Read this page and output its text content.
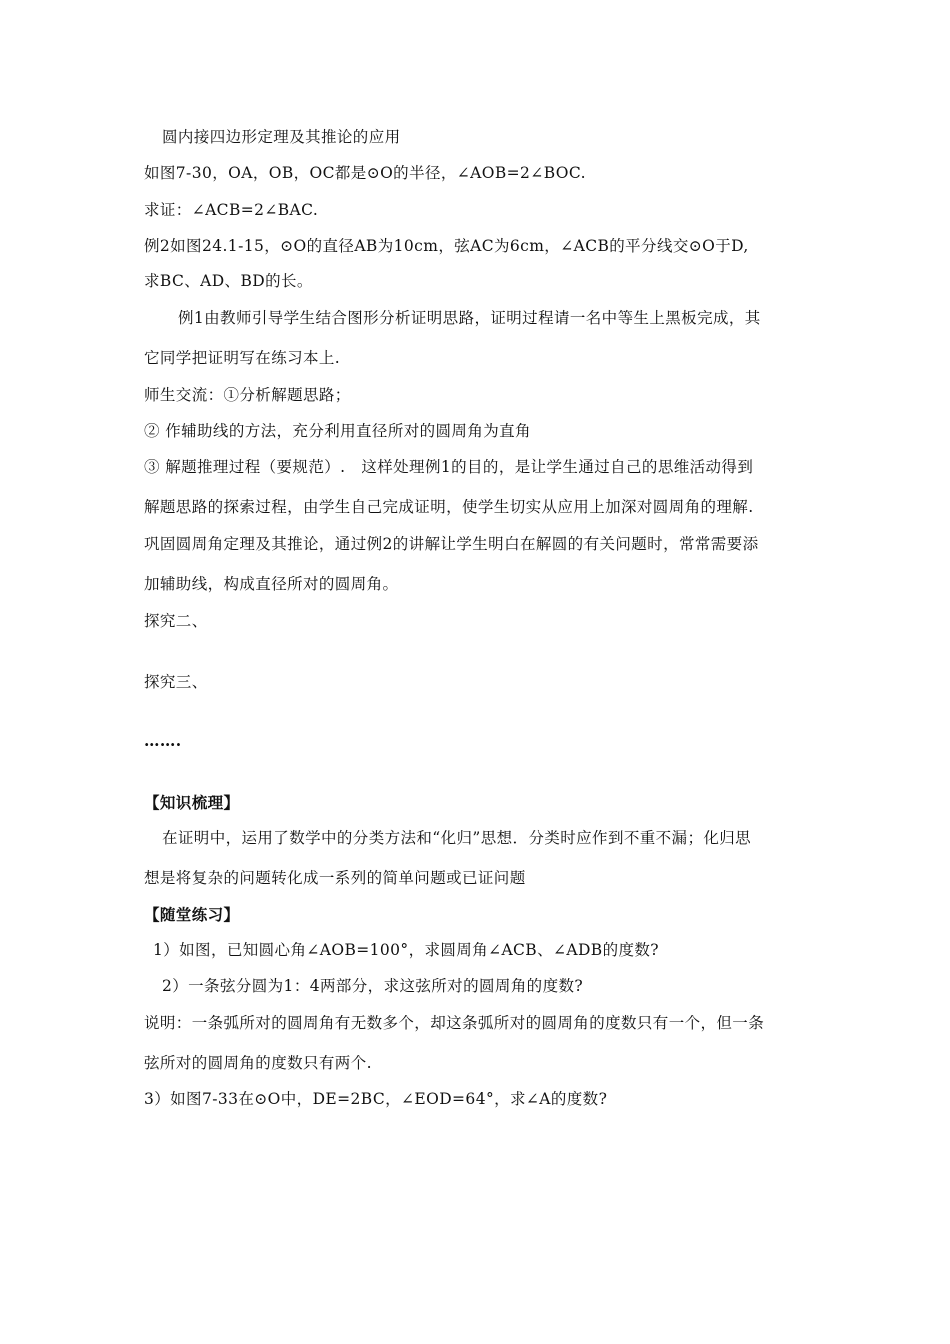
圆内接四边形定理及其推论的应用
如图7-30，OA，OB，OC都是⊙O的半径，∠AOB=2∠BOC.
求证：∠ACB=2∠BAC.
例2如图24.1-15，⊙O的直径AB为10cm，弦AC为6cm，∠ACB的平分线交⊙O于D,
求BC、AD、BD的长。
例1由教师引导学生结合图形分析证明思路，证明过程请一名中等生上黑板完成，其
它同学把证明写在练习本上.
师生交流：①分析解题思路；
② 作辅助线的方法，充分利用直径所对的圆周角为直角
③ 解题推理过程（要规范）.　这样处理例1的目的，是让学生通过自己的思维活动得到
解题思路的探索过程，由学生自己完成证明，使学生切实从应用上加深对圆周角的理解.
巩固圆周角定理及其推论，通过例2的讲解让学生明白在解圆的有关问题时，常常需要添
加辅助线，构成直径所对的圆周角。
探究二、
探究三、
…….
【知识梳理】
在证明中，运用了数学中的分类方法和“化归”思想．分类时应作到不重不漏；化归思
想是将复杂的问题转化成一系列的简单问题或已证问题
【随堂练习】
1）如图，已知圆心角∠AOB=100°，求圆周角∠ACB、∠ADB的度数?
2）一条弦分圆为1：4两部分，求这弦所对的圆周角的度数?
说明：一条弧所对的圆周角有无数多个，却这条弧所对的圆周角的度数只有一个，但一条
弦所对的圆周角的度数只有两个.
3）如图7-33在⊙O中，DE=2BC，∠EOD=64°，求∠A的度数?
